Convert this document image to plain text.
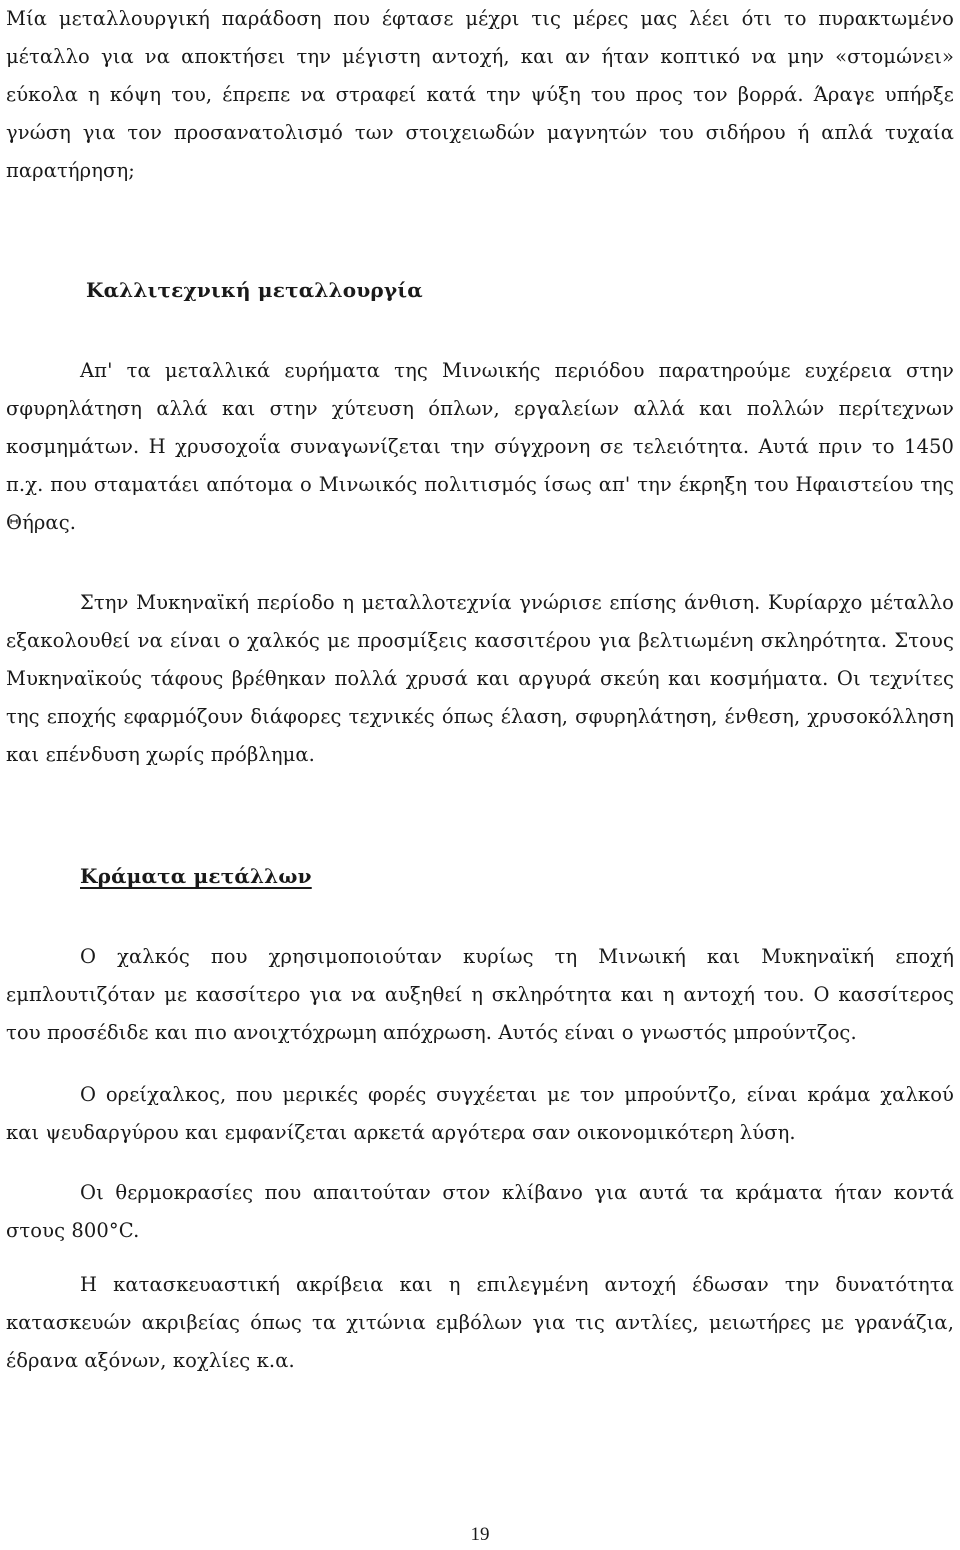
Μία μεταλλουργική παράδοση που έφτασε μέχρι τις μέρες μας λέει ότι το πυρακτωμένο μέταλλο για να αποκτήσει την μέγιστη αντοχή, και αν ήταν κοπτικό να μην «στομώνει» εύκολα η κόψη του, έπρεπε να στραφεί κατά την ψύξη του προς τον βορρά. Άραγε υπήρξε γνώση για τον προσανατολισμό των στοιχειωδών μαγνητών του σιδήρου ή απλά τυχαία παρατήρηση;

Καλλιτεχνική μεταλλουργία

Απ' τα μεταλλικά ευρήματα της Μινωικής περιόδου παρατηρούμε ευχέρεια στην σφυρηλάτηση αλλά και στην χύτευση όπλων, εργαλείων αλλά και πολλών περίτεχνων κοσμημάτων. Η χρυσοχοΐα συναγωνίζεται την σύγχρονη σε τελειότητα. Αυτά πριν το 1450 π.χ. που σταματάει απότομα ο Μινωικός πολιτισμός ίσως απ' την έκρηξη του Ηφαιστείου της Θήρας.

Στην Μυκηναϊκή περίοδο η μεταλλοτεχνία γνώρισε επίσης άνθιση. Κυρίαρχο μέταλλο εξακολουθεί να είναι ο χαλκός με προσμίξεις κασσιτέρου για βελτιωμένη σκληρότητα. Στους Μυκηναϊκούς τάφους βρέθηκαν πολλά χρυσά και αργυρά σκεύη και κοσμήματα. Οι τεχνίτες της εποχής εφαρμόζουν διάφορες τεχνικές όπως έλαση, σφυρηλάτηση, ένθεση, χρυσοκόλληση και επένδυση χωρίς πρόβλημα.

Κράματα μετάλλων

Ο χαλκός που χρησιμοποιούταν κυρίως τη Μινωική και Μυκηναϊκή εποχή εμπλουτιζόταν με κασσίτερο για να αυξηθεί η σκληρότητα και η αντοχή του. Ο κασσίτερος του προσέδιδε και πιο ανοιχτόχρωμη απόχρωση. Αυτός είναι ο γνωστός μπρούντζος.

Ο ορείχαλκος, που μερικές φορές συγχέεται με τον μπρούντζο, είναι κράμα χαλκού και ψευδαργύρου και εμφανίζεται αρκετά αργότερα σαν οικονομικότερη λύση.

Οι θερμοκρασίες που απαιτούταν στον κλίβανο για αυτά τα κράματα ήταν κοντά στους 800°C.

Η κατασκευαστική ακρίβεια και η επιλεγμένη αντοχή έδωσαν την δυνατότητα κατασκευών ακριβείας όπως τα χιτώνια εμβόλων για τις αντλίες, μειωτήρες με γρανάζια, έδρανα αξόνων, κοχλίες κ.α.

19
